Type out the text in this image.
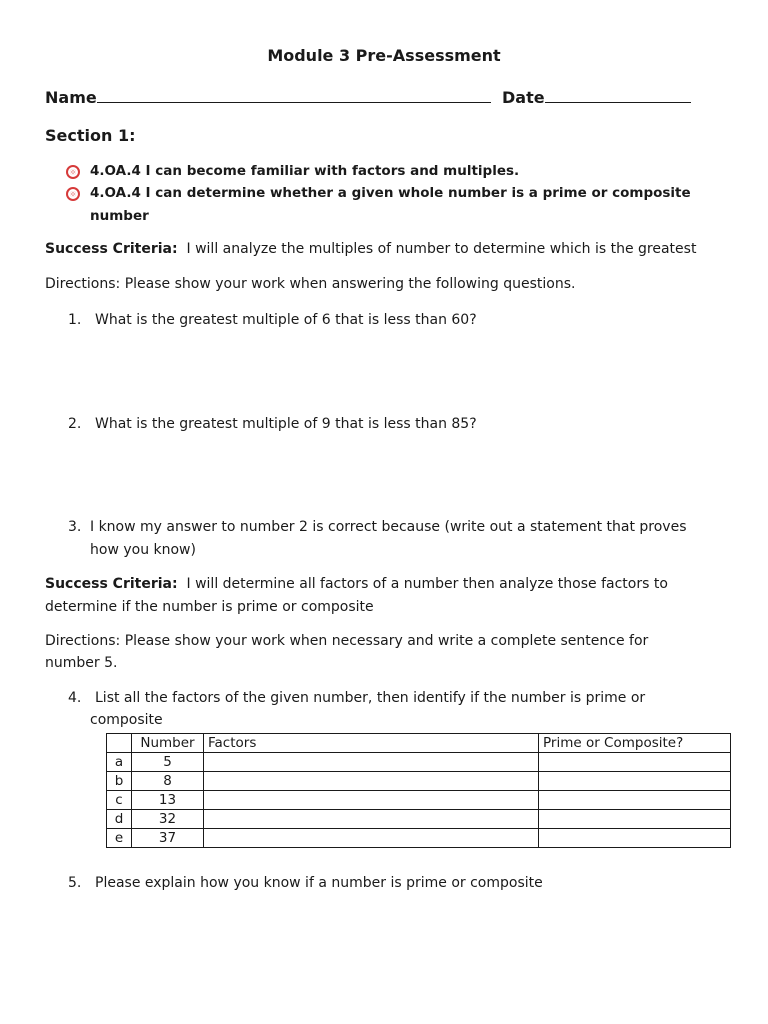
Module 3 Pre-Assessment
Name	Date
Section 1:
4.OA.4 I can become familiar with factors and multiples.
4.OA.4 I can determine whether a given whole number is a prime or composite
number
Success Criteria: I will analyze the multiples of number to determine which is the greatest
Directions: Please show your work when answering the following questions.
1. What is the greatest multiple of 6 that is less than 60?
2. What is the greatest multiple of 9 that is less than 85?
3. I know my answer to number 2 is correct because (write out a statement that proves
how you know)
Success Criteria: I will determine all factors of a number then analyze those factors to
determine if the number is prime or composite
Directions: Please show your work when necessary and write a complete sentence for
number 5.
4. List all the factors of the given number, then identify if the number is prime or
composite
	Number	Factors	Prime or Composite?
a	5		
b	8		
c	13		
d	32		
e	37		
5. Please explain how you know if a number is prime or composite
